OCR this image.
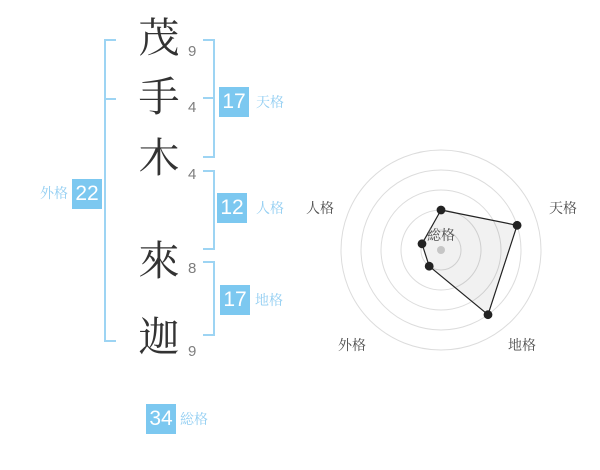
茂
手
木
來
迦
9
4
4
8
9
17 天格
12 人格
17 地格
外格 22
34 総格
総格
天格
地格
外格
人格
